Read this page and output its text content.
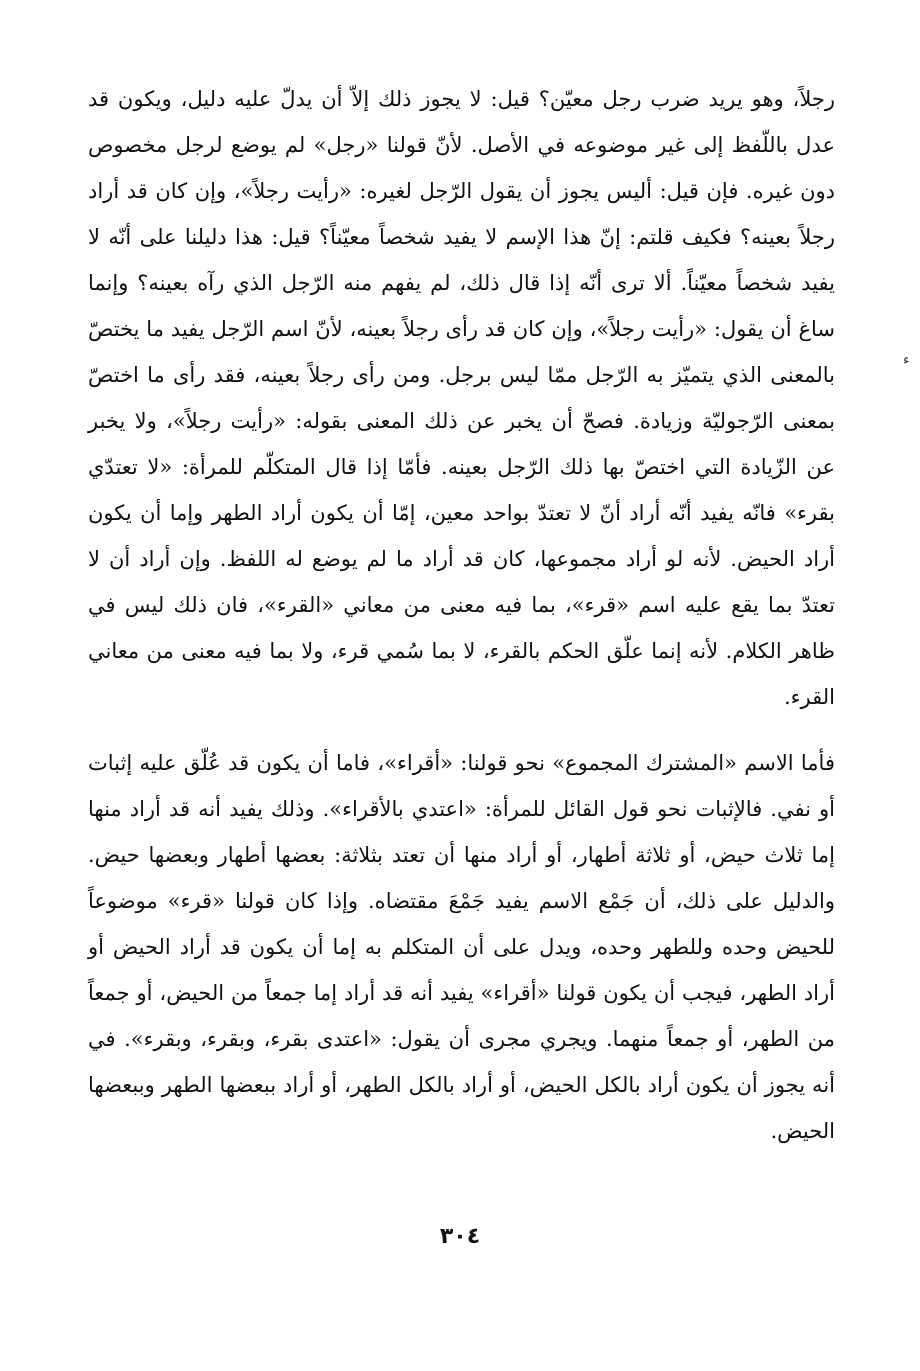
رجلاً، وهو يريد ضرب رجل معيّن؟ قيل: لا يجوز ذلك إلاّ أن يدلّ عليه دليل، ويكون قد عدل باللّفظ إلى غير موضوعه في الأصل. لأنّ قولنا «رجل» لم يوضع لرجل مخصوص دون غيره. فإن قيل: أليس يجوز أن يقول الرّجل لغيره: «رأيت رجلاً»، وإن كان قد أراد رجلاً بعينه؟ فكيف قلتم: إنّ هذا الإسم لا يفيد شخصاً معيّناً؟ قيل: هذا دليلنا على أنّه لا يفيد شخصاً معيّناً. ألا ترى أنّه إذا قال ذلك، لم يفهم منه الرّجل الذي رآه بعينه؟ وإنما ساغ أن يقول: «رأيت رجلاً»، وإن كان قد رأى رجلاً بعينه، لأنّ اسم الرّجل يفيد ما يختصّ بالمعنى الذي يتميّز به الرّجل ممّا ليس برجل. ومن رأى رجلاً بعينه، فقد رأى ما اختصّ بمعنى الرّجوليّة وزيادة. فصحّ أن يخبر عن ذلك المعنى بقوله: «رأيت رجلاً»، ولا يخبر عن الزّيادة التي اختصّ بها ذلك الرّجل بعينه. فأمّا إذا قال المتكلّم للمرأة: «لا تعتدّي بقرء» فانّه يفيد أنّه أراد أنّ لا تعتدّ بواحد معين، إمّا أن يكون أراد الطهر وإما أن يكون أراد الحيض. لأنه لو أراد مجموعها، كان قد أراد ما لم يوضع له اللفظ. وإن أراد أن لا تعتدّ بما يقع عليه اسم «قرء»، بما فيه معنى من معاني «القرء»، فان ذلك ليس في ظاهر الكلام. لأنه إنما علّق الحكم بالقرء، لا بما سُمي قرء، ولا بما فيه معنى من معاني القرء.

فأما الاسم «المشترك المجموع» نحو قولنا: «أقراء»، فاما أن يكون قد عُلّق عليه إثبات أو نفي. فالإثبات نحو قول القائل للمرأة: «اعتدي بالأقراء». وذلك يفيد أنه قد أراد منها إما ثلاث حيض، أو ثلاثة أطهار، أو أراد منها أن تعتد بثلاثة: بعضها أطهار وبعضها حيض. والدليل على ذلك، أن جَمْع الاسم يفيد جَمْعَ مقتضاه. وإذا كان قولنا «قرء» موضوعاً للحيض وحده وللطهر وحده، ويدل على أن المتكلم به إما أن يكون قد أراد الحيض أو أراد الطهر، فيجب أن يكون قولنا «أقراء» يفيد أنه قد أراد إما جمعاً من الحيض، أو جمعاً من الطهر، أو جمعاً منهما. ويجري مجرى أن يقول: «اعتدى بقرء، وبقرء، وبقرء». في أنه يجوز أن يكون أراد بالكل الحيض، أو أراد بالكل الطهر، أو أراد ببعضها الطهر وببعضها الحيض.

ﺀ
٣٠٤
